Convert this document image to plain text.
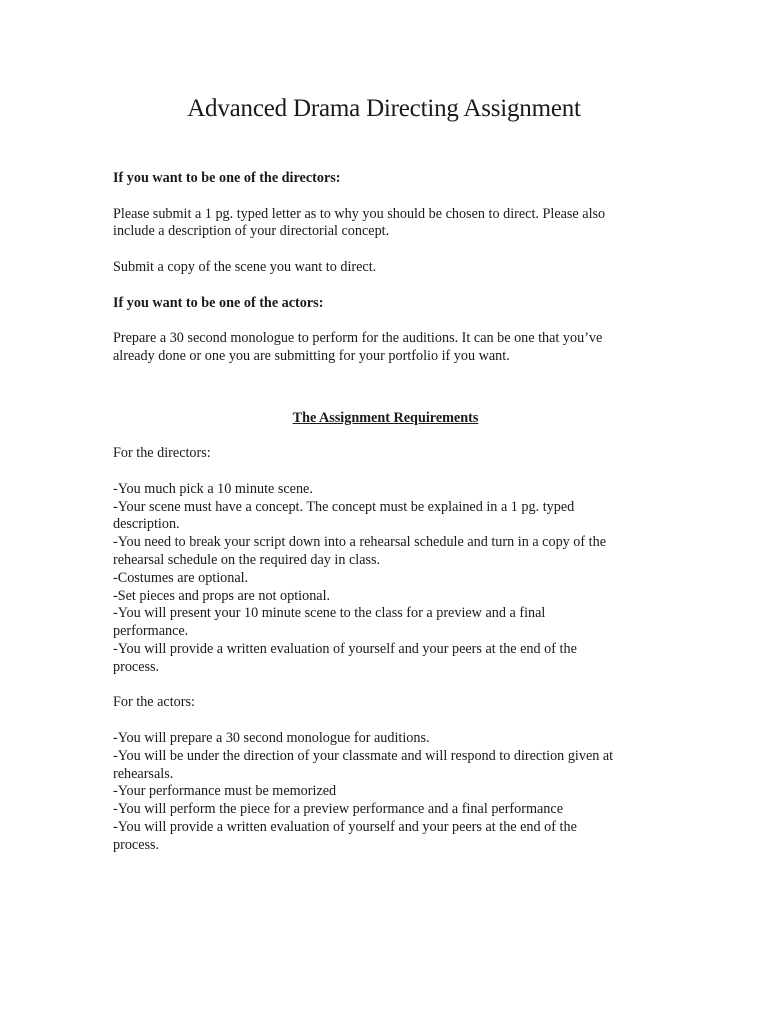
Advanced Drama Directing Assignment

If you want to be one of the directors:

Please submit a 1 pg. typed letter as to why you should be chosen to direct. Please also

include a description of your directorial concept.

Submit a copy of the scene you want to direct.

If you want to be one of the actors:

Prepare a 30 second monologue to perform for the auditions. It can be one that you’ve

already done or one you are submitting for your portfolio if you want.

The Assignment Requirements

For the directors:

-You much pick a 10 minute scene.

-Your scene must have a concept. The concept must be explained in a 1 pg. typed

description.

-You need to break your script down into a rehearsal schedule and turn in a copy of the

rehearsal schedule on the required day in class.

-Costumes are optional.

-Set pieces and props are not optional.

-You will present your 10 minute scene to the class for a preview and a final

performance.

-You will provide a written evaluation of yourself and your peers at the end of the

process.

For the actors:

-You will prepare a 30 second monologue for auditions.

-You will be under the direction of your classmate and will respond to direction given at

rehearsals.

-Your performance must be memorized

-You will perform the piece for a preview performance and a final performance

-You will provide a written evaluation of yourself and your peers at the end of the

process.
